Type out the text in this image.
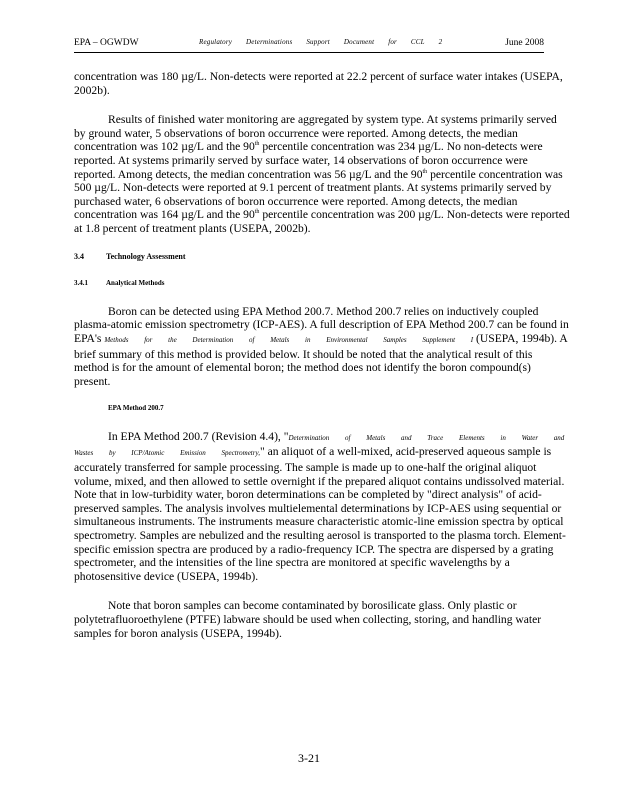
EPA – OGWDW	Regulatory Determinations Support Document for CCL 2	June 2008

concentration was 180 µg/L. Non-detects were reported at 22.2 percent of surface water intakes (USEPA, 2002b).

Results of finished water monitoring are aggregated by system type. At systems primarily served by ground water, 5 observations of boron occurrence were reported. Among detects, the median concentration was 102 µg/L and the 90th percentile concentration was 234 µg/L. No non-detects were reported. At systems primarily served by surface water, 14 observations of boron occurrence were reported. Among detects, the median concentration was 56 µg/L and the 90th percentile concentration was 500 µg/L. Non-detects were reported at 9.1 percent of treatment plants. At systems primarily served by purchased water, 6 observations of boron occurrence were reported. Among detects, the median concentration was 164 µg/L and the 90th percentile concentration was 200 µg/L. Non-detects were reported at 1.8 percent of treatment plants (USEPA, 2002b).

3.4	Technology Assessment
3.4.1	Analytical Methods

Boron can be detected using EPA Method 200.7. Method 200.7 relies on inductively coupled plasma-atomic emission spectrometry (ICP-AES). A full description of EPA Method 200.7 can be found in EPA's Methods for the Determination of Metals in Environmental Samples Supplement I (USEPA, 1994b). A brief summary of this method is provided below. It should be noted that the analytical result of this method is for the amount of elemental boron; the method does not identify the boron compound(s) present.

EPA Method 200.7

In EPA Method 200.7 (Revision 4.4), "Determination of Metals and Trace Elements in Water and Wastes by ICP/Atomic Emission Spectrometry," an aliquot of a well-mixed, acid-preserved aqueous sample is accurately transferred for sample processing. The sample is made up to one-half the original aliquot volume, mixed, and then allowed to settle overnight if the prepared aliquot contains undissolved material. Note that in low-turbidity water, boron determinations can be completed by "direct analysis" of acid-preserved samples. The analysis involves multielemental determinations by ICP-AES using sequential or simultaneous instruments. The instruments measure characteristic atomic-line emission spectra by optical spectrometry. Samples are nebulized and the resulting aerosol is transported to the plasma torch. Element-specific emission spectra are produced by a radio-frequency ICP. The spectra are dispersed by a grating spectrometer, and the intensities of the line spectra are monitored at specific wavelengths by a photosensitive device (USEPA, 1994b).

Note that boron samples can become contaminated by borosilicate glass. Only plastic or polytetrafluoroethylene (PTFE) labware should be used when collecting, storing, and handling water samples for boron analysis (USEPA, 1994b).

3-21
